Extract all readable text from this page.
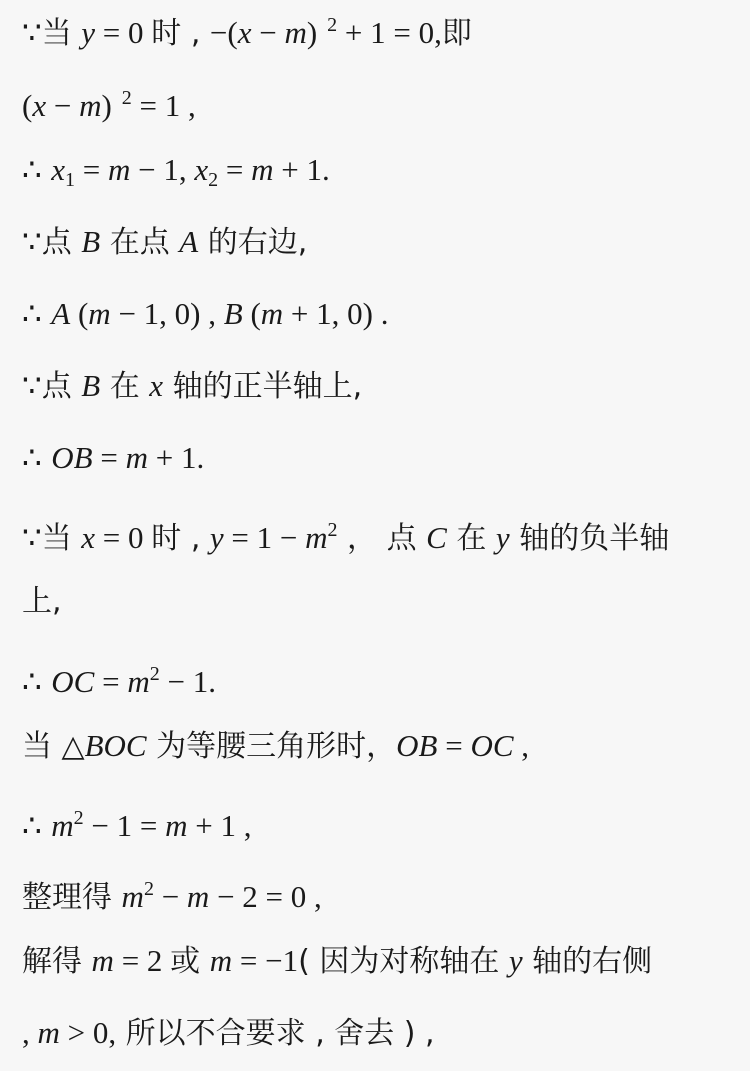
∵当 y = 0 时 , −(x − m) $^2$ + 1 = 0,即
(x − m) $^2$ = 1 ,
∴ $x_1 = m - 1$, $x_2 = m + 1$.
∵点 B 在点 A 的右边,
∴ A (m − 1, 0) , B (m + 1, 0) .
∵点 B 在 x 轴的正半轴上,
∴ OB = m + 1.
∵当 x = 0 时 , $y = 1 - m^2$ ， 点 C 在 y 轴的负半轴
上,
∴ OC = $m^2 - 1$.
当 △BOC 为等腰三角形时，OB = OC ,
∴ $m^2 - 1 = m + 1$ ,
整理得 $m^2 - m - 2 = 0$ ,
解得 m = 2 或 m = −1( 因为对称轴在 y 轴的右侧
, m > 0, 所以不合要求 , 舍去 ) ,
